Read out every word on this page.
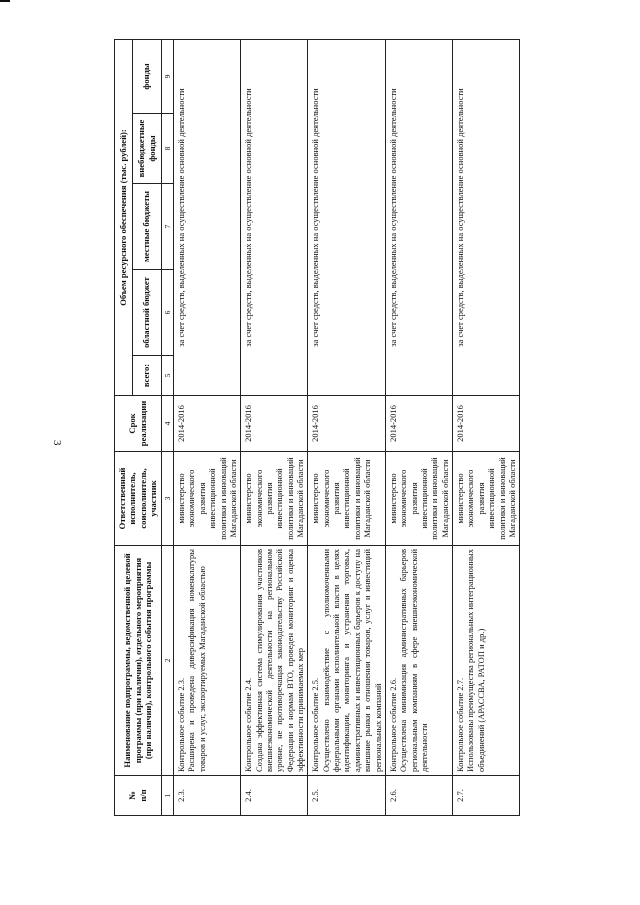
3
№
п/п	Наименование подпрограммы, ведомственной целевой программы (при наличии), отдельного мероприятия (при наличии), контрольного события программы	Ответственный исполнитель, соисполнитель, участник	Срок реализации	Объем ресурсного обеспечения (тыс. рублей):				
				всего:	областной бюджет	местные бюджеты	внебюджетные фонды	фонды
1	2	3	4	5	6	7	8	9
2.3.	Контрольное событие 2.3. Расширена и проведена диверсификация номенклатуры товаров и услуг, экспортируемых Магаданской областью	министерство экономического развития инвестиционной политики и инноваций Магаданской области	2014-2016	за счет средств, выделенных на осуществление основной деятельности				
2.4.	Контрольное событие 2.4. Создана эффективная система стимулирования участников внешнеэкономической деятельности на региональном уровне, не противоречащая законодательству Российской Федерации и нормам ВТО, проведен мониторинг и оценка эффективности принимаемых мер	министерство экономического развития инвестиционной политики и инноваций Магаданской области	2014-2016	за счет средств, выделенных на осуществление основной деятельности				
2.5.	Контрольное событие 2.5. Осуществлено взаимодействие с уполномоченными федеральными органами исполнительной власти в целях идентификации, мониторинга и устранения торговых, административных и инвестиционных барьеров к доступу на внешние рынки в отношении товаров, услуг и инвестиций региональных компаний	министерство экономического развития инвестиционной политики и инноваций Магаданской области	2014-2016	за счет средств, выделенных на осуществление основной деятельности				
2.6.	Контрольное событие 2.6. Осуществлена минимизация административных барьеров региональным компаниям в сфере внешнеэкономической деятельности	министерство экономического развития инвестиционной политики и инноваций Магаданской области	2014-2016	за счет средств, выделенных на осуществление основной деятельности				
2.7.	Контрольное событие 2.7. Использованы преимущества региональных интеграционных объединений (АРАССВА, РАТОП и др.)	министерство экономического развития инвестиционной политики и инноваций Магаданской области	2014-2016	за счет средств, выделенных на осуществление основной деятельности				
